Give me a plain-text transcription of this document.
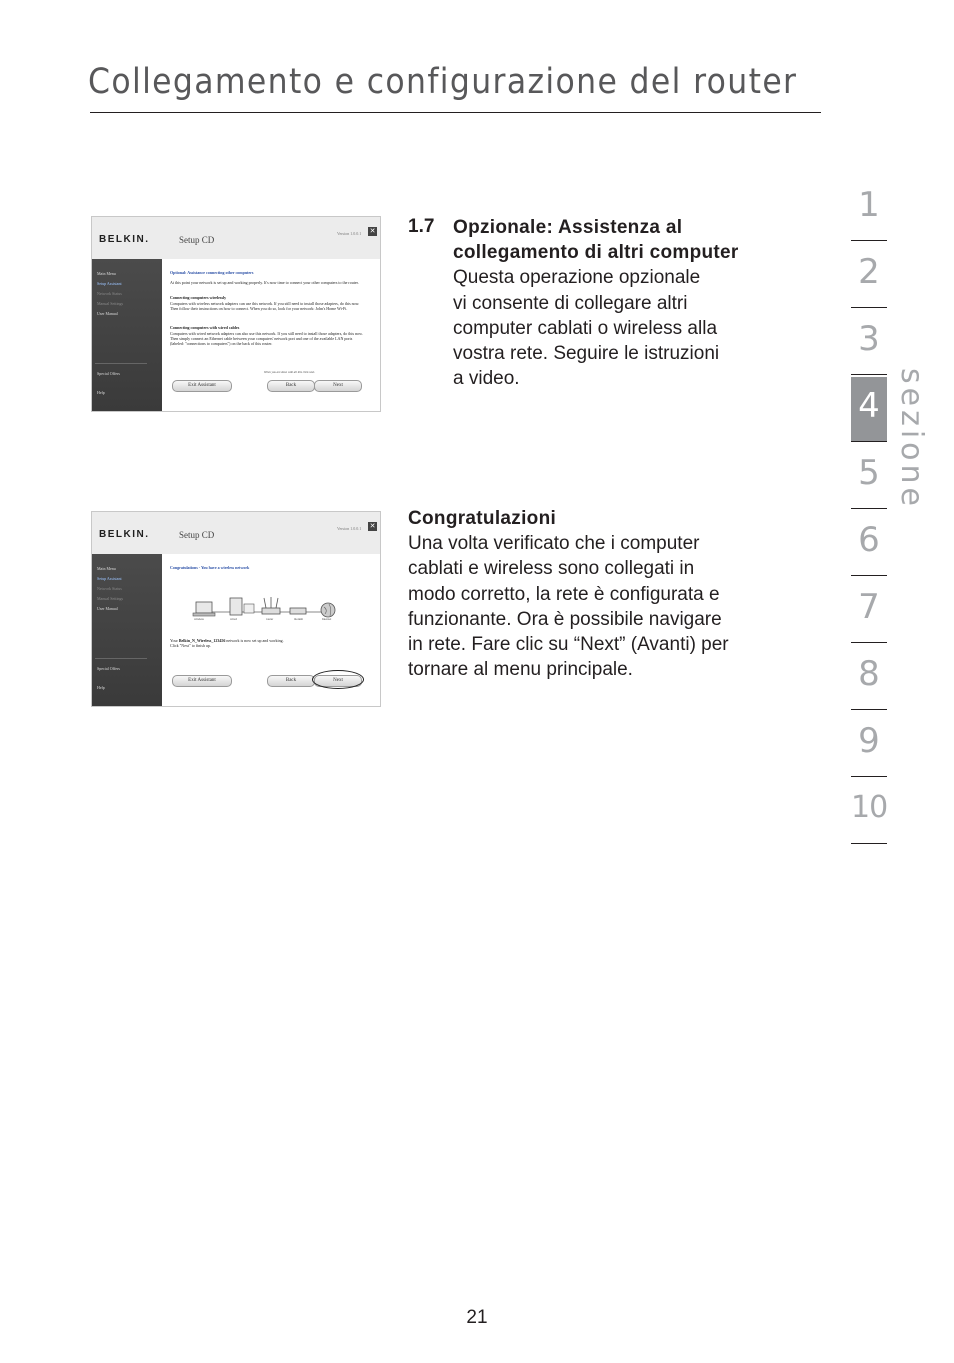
Collegamento e configurazione del router
1
2
3
4
5
6
7
8
9
10
sezione
BELKIN.	Setup CD
Version 1.0.0.1 ✕
Main Menu
Setup Assistant
Network Status
Manual Settings
User Manual
Special Offers
Help
Optional: Assistance connecting other computers
At this point your network is set up and working properly. It's now time to connect your other computers to the router.
Connecting computers wirelessly
Computers with wireless network adapters can use this network. If you still need to install those adapters, do this now. Then follow their instructions on how to connect. When you do so, look for your network: John's Home Wi-Fi.
Connecting computers with wired cables
Computers with wired network adapters can also use this network. If you still need to install those adapters, do this now. Then simply connect an Ethernet cable between your computers' network port and one of the available LAN ports (labeled: "connections to computers") on the back of this router.
When you are done with all this click next.
Exit Assistant	Back	Next
BELKIN.	Setup CD
Version 1.0.0.1 ✕
Main Menu
Setup Assistant
Network Status
Manual Settings
User Manual
Special Offers
Help
Congratulations - You have a wireless network
wireless	wired	router	modem	Internet
Your Belkin_N_Wireless_123456 network is now set up and working.
Click "Next" to finish up.
Exit Assistant	Back	Next
1.7 Opzionale: Assistenza al
collegamento di altri computer
Questa operazione opzionale
vi consente di collegare altri
computer cablati o wireless alla
vostra rete. Seguire le istruzioni
a video.
Congratulazioni
Una volta verificato che i computer
cablati e wireless sono collegati in
modo corretto, la rete è configurata e
funzionante. Ora è possibile navigare
in rete. Fare clic su “Next” (Avanti) per
tornare al menu principale.
21
